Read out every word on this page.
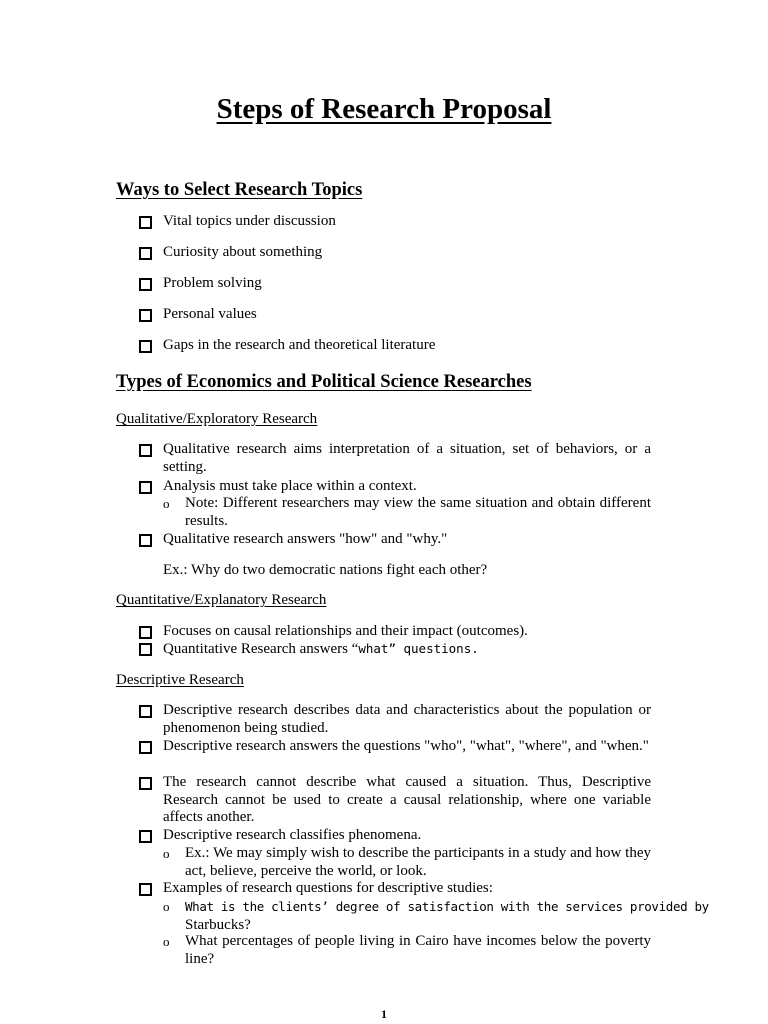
Steps of Research Proposal
Ways to Select Research Topics
Vital topics under discussion
Curiosity about something
Problem solving
Personal values
Gaps in the research and theoretical literature
Types of Economics and Political Science Researches
Qualitative/Exploratory Research
Qualitative research aims interpretation of a situation, set of behaviors, or a setting.
Analysis must take place within a context.
o Note: Different researchers may view the same situation and obtain different results.
Qualitative research answers "how" and "why."
Ex.: Why do two democratic nations fight each other?
Quantitative/Explanatory Research
Focuses on causal relationships and their impact (outcomes).
Quantitative Research answers “what” questions.
Descriptive Research
Descriptive research describes data and characteristics about the population or phenomenon being studied.
Descriptive research answers the questions "who", "what", "where", and "when."
The research cannot describe what caused a situation. Thus, Descriptive Research cannot be used to create a causal relationship, where one variable affects another.
Descriptive research classifies phenomena.
o Ex.: We may simply wish to describe the participants in a study and how they act, believe, perceive the world, or look.
Examples of research questions for descriptive studies:
o What is the clients’ degree of satisfaction with the services provided by
Starbucks?
o What percentages of people living in Cairo have incomes below the poverty line?
1
